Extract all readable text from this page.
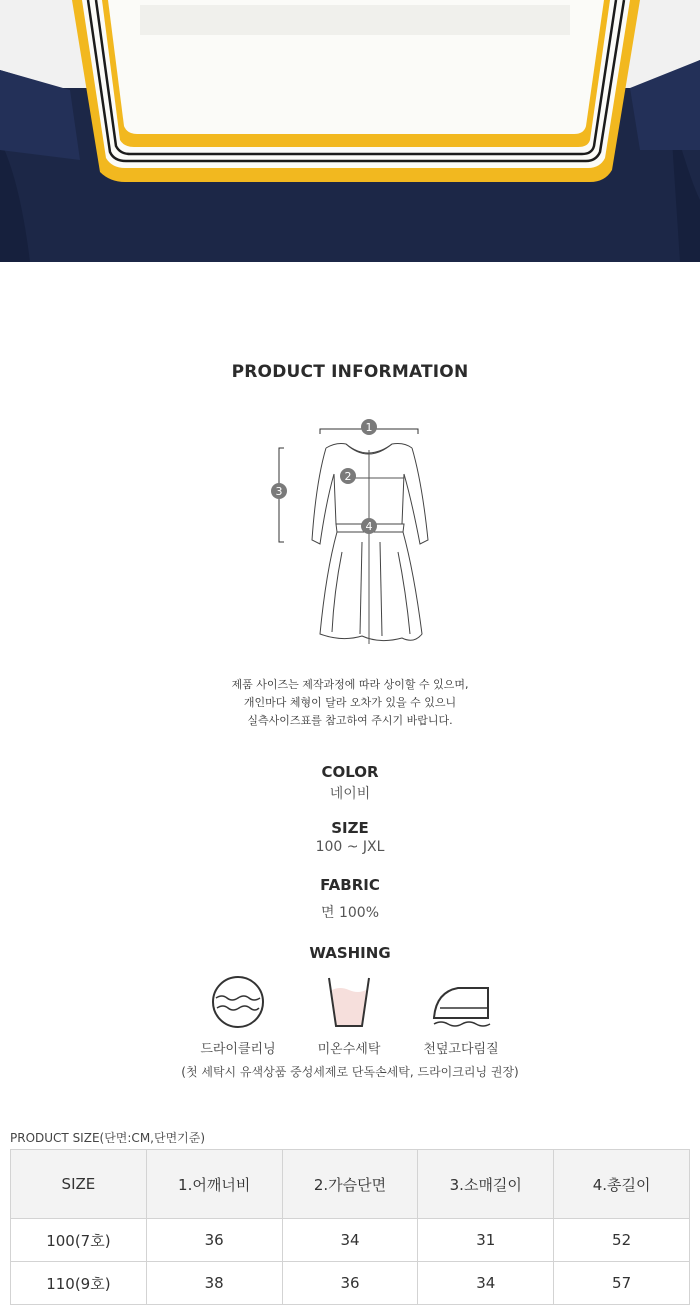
PRODUCT INFORMATION
1
2
3
4
제품 사이즈는 제작과정에 따라 상이할 수 있으며,
개인마다 체형이 달라 오차가 있을 수 있으니
실측사이즈표를 참고하여 주시기 바랍니다.
COLOR
네이비
SIZE
100 ~ JXL
FABRIC
면 100%
WASHING
드라이클리닝	미온수세탁	천덮고다림질
(첫 세탁시 유색상품 중성세제로 단독손세탁, 드라이크리닝 권장)
PRODUCT SIZE(단면:CM,단면기준)
SIZE	1.어깨너비	2.가슴단면	3.소매길이	4.총길이
100(7호)	36	34	31	52
110(9호)	38	36	34	57
